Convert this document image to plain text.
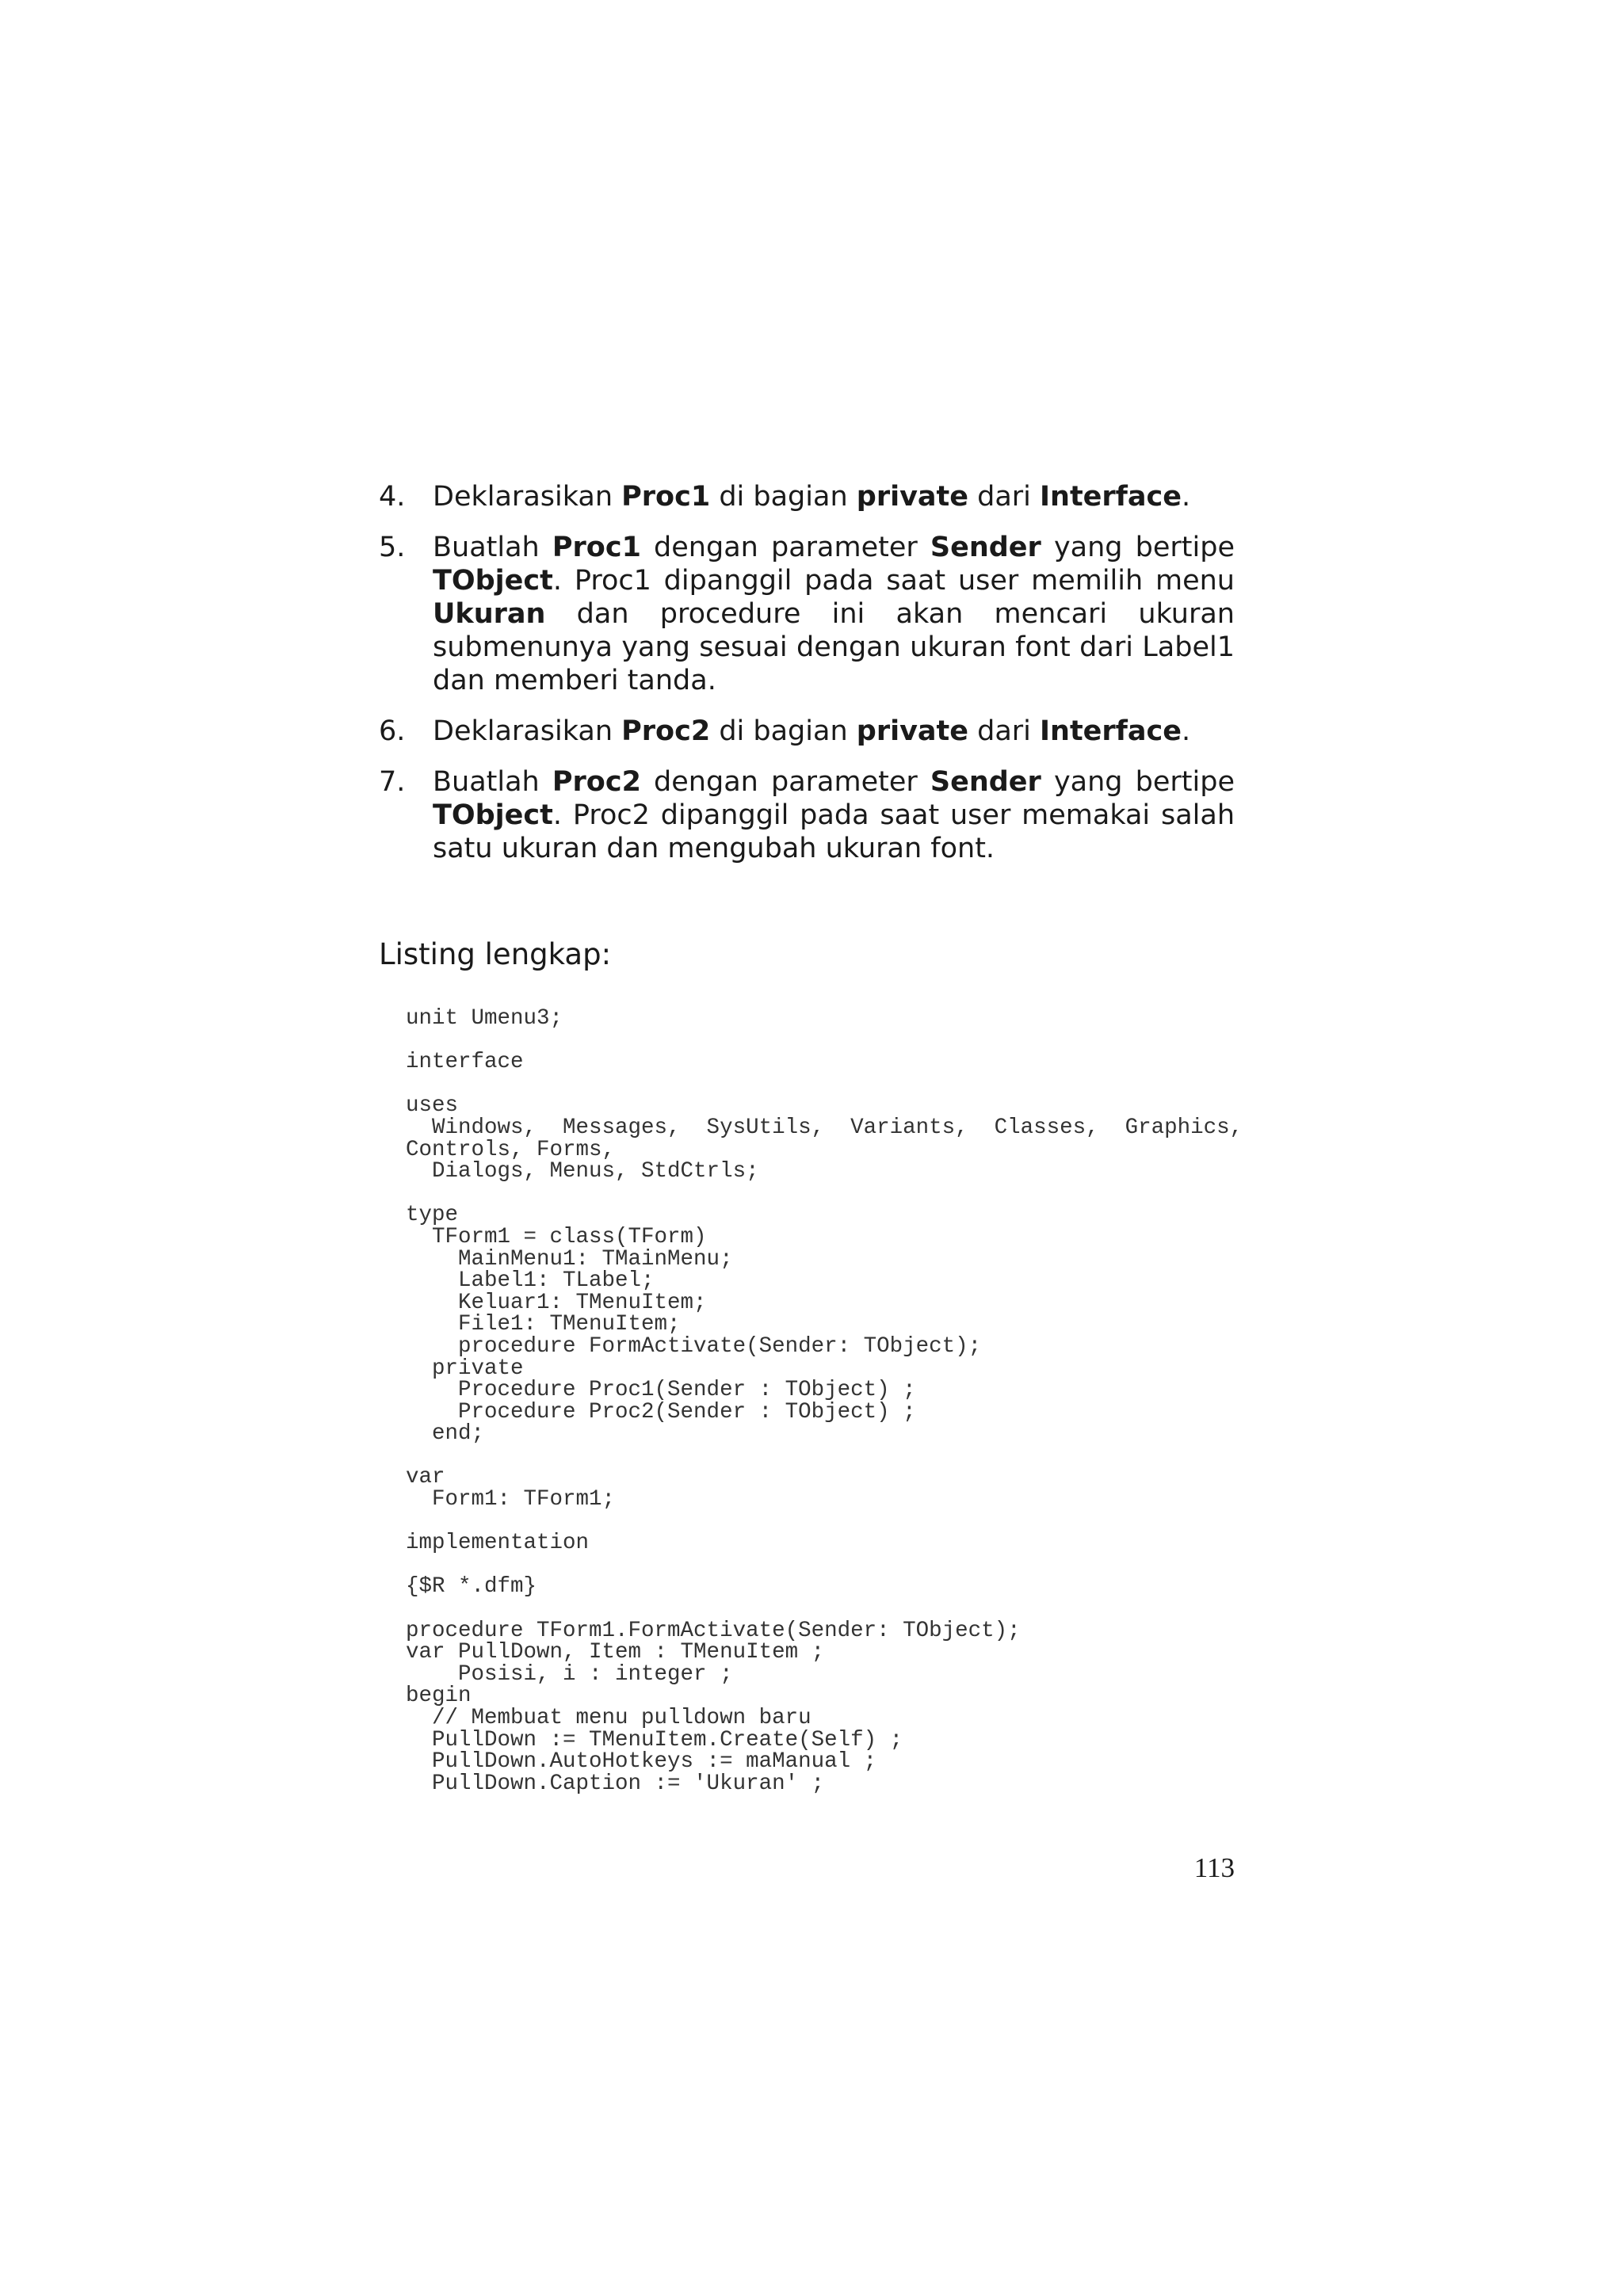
4. Deklarasikan Proc1 di bagian private dari Interface.
5. Buatlah Proc1 dengan parameter Sender yang bertipe TObject. Proc1 dipanggil pada saat user memilih menu Ukuran dan procedure ini akan mencari ukuran submenunya yang sesuai dengan ukuran font dari Label1 dan memberi tanda.
6. Deklarasikan Proc2 di bagian private dari Interface.
7. Buatlah Proc2 dengan parameter Sender yang bertipe TObject. Proc2 dipanggil pada saat user memakai salah satu ukuran dan mengubah ukuran font.
Listing lengkap:
unit Umenu3;

interface

uses
Windows,  Messages,  SysUtils,  Variants,  Classes,  Graphics,
Controls, Forms,
Dialogs, Menus, StdCtrls;

type
TForm1 = class(TForm)
MainMenu1: TMainMenu;
Label1: TLabel;
Keluar1: TMenuItem;
File1: TMenuItem;
procedure FormActivate(Sender: TObject);
private
Procedure Proc1(Sender : TObject) ;
Procedure Proc2(Sender : TObject) ;
end;

var
Form1: TForm1;

implementation

{$R *.dfm}

procedure TForm1.FormActivate(Sender: TObject);
var PullDown, Item : TMenuItem ;
Posisi, i : integer ;
begin
// Membuat menu pulldown baru
PullDown := TMenuItem.Create(Self) ;
PullDown.AutoHotkeys := maManual ;
PullDown.Caption := 'Ukuran' ;
113
